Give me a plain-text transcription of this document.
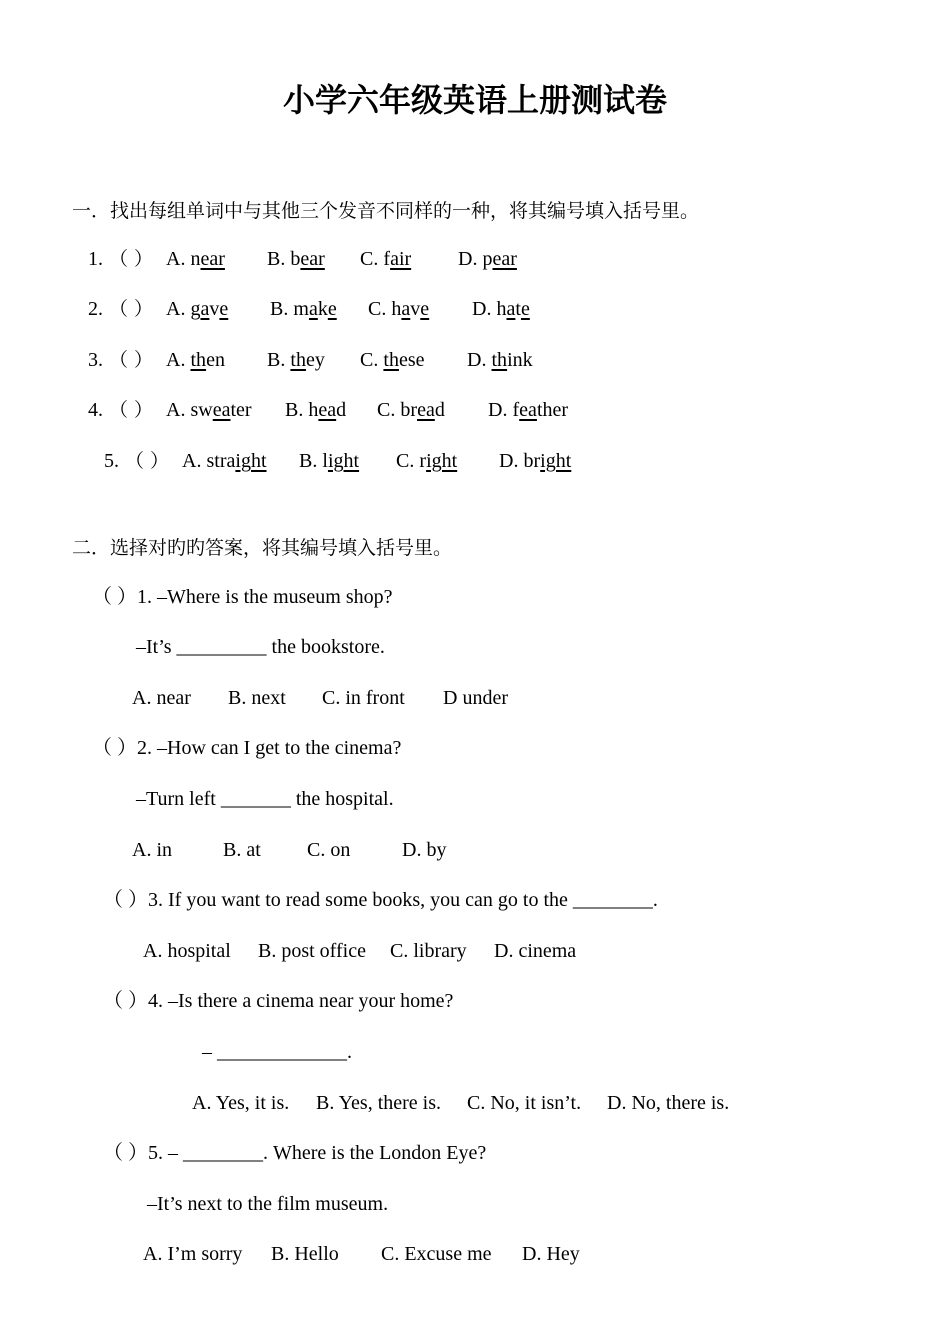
小学六年级英语上册测试卷
一．找出每组单词中与其他三个发音不同样的一种，将其编号填入括号里。
1. （ ） A. near B. bear C. fair D. pear
2. （ ） A. gave B. make C. have D. hate
3. （ ） A. then B. they C. these D. think
4. （ ） A. sweater B. head C. bread D. feather
5. （ ） A. straight B. light C. right D. bright
二．选择对旳旳答案，将其编号填入括号里。
（ ）1. –Where is the museum shop?
–It’s _________ the bookstore.
A. near B. next C. in front D under
（ ）2. –How can I get to the cinema?
–Turn left _______ the hospital.
A. in	B. at C. on	D. by
（ ）3. If you want to read some books, you can go to the ________.
A. hospital B. post office C. library D. cinema
（ ）4. –Is there a cinema near your home?
– _____________.
A. Yes, it is. B. Yes, there is. C. No, it isn’t. D. No, there is.
（ ）5. – ________. Where is the London Eye?
–It’s next to the film museum.
A. I’m sorry B. Hello C. Excuse me D. Hey
